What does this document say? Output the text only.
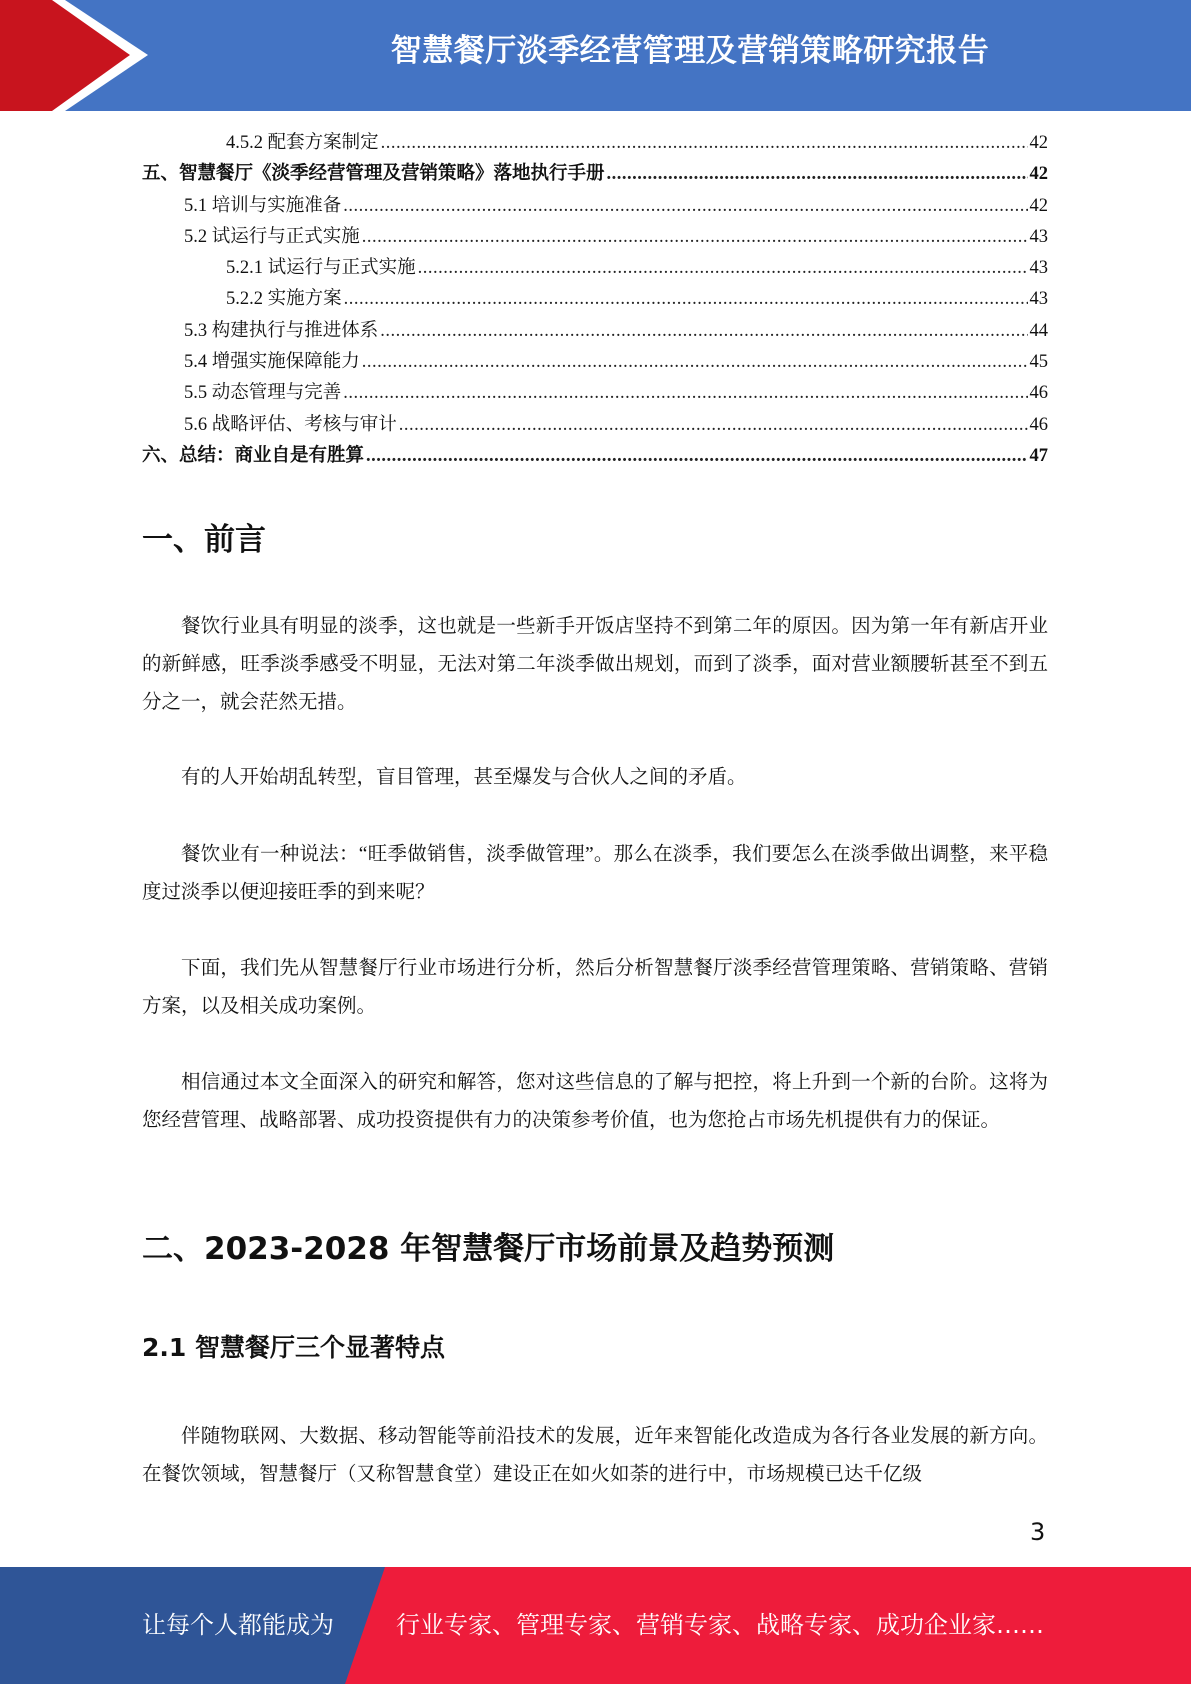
智慧餐厅淡季经营管理及营销策略研究报告
4.5.2 配套方案制定 .....	42
五、智慧餐厅《淡季经营管理及营销策略》落地执行手册 .....	42
5.1 培训与实施准备 .....	42
5.2 试运行与正式实施 .....	43
5.2.1 试运行与正式实施 .....	43
5.2.2 实施方案 .....	43
5.3 构建执行与推进体系 .....	44
5.4 增强实施保障能力 .....	45
5.5 动态管理与完善 .....	46
5.6 战略评估、考核与审计 .....	46
六、总结：商业自是有胜算 .....	47
一、前言

餐饮行业具有明显的淡季，这也就是一些新手开饭店坚持不到第二年的原因。因为第一年有新店开业的新鲜感，旺季淡季感受不明显，无法对第二年淡季做出规划，而到了淡季，面对营业额腰斩甚至不到五分之一，就会茫然无措。

有的人开始胡乱转型，盲目管理，甚至爆发与合伙人之间的矛盾。

餐饮业有一种说法：“旺季做销售，淡季做管理”。那么在淡季，我们要怎么在淡季做出调整，来平稳度过淡季以便迎接旺季的到来呢？

下面，我们先从智慧餐厅行业市场进行分析，然后分析智慧餐厅淡季经营管理策略、营销策略、营销方案，以及相关成功案例。

相信通过本文全面深入的研究和解答，您对这些信息的了解与把控，将上升到一个新的台阶。这将为您经营管理、战略部署、成功投资提供有力的决策参考价值，也为您抢占市场先机提供有力的保证。

二、2023-2028 年智慧餐厅市场前景及趋势预测
2.1 智慧餐厅三个显著特点

伴随物联网、大数据、移动智能等前沿技术的发展，近年来智能化改造成为各行各业发展的新方向。在餐饮领域，智慧餐厅（又称智慧食堂）建设正在如火如荼的进行中，市场规模已达千亿级

3
让每个人都能成为	行业专家、管理专家、营销专家、战略专家、成功企业家……
